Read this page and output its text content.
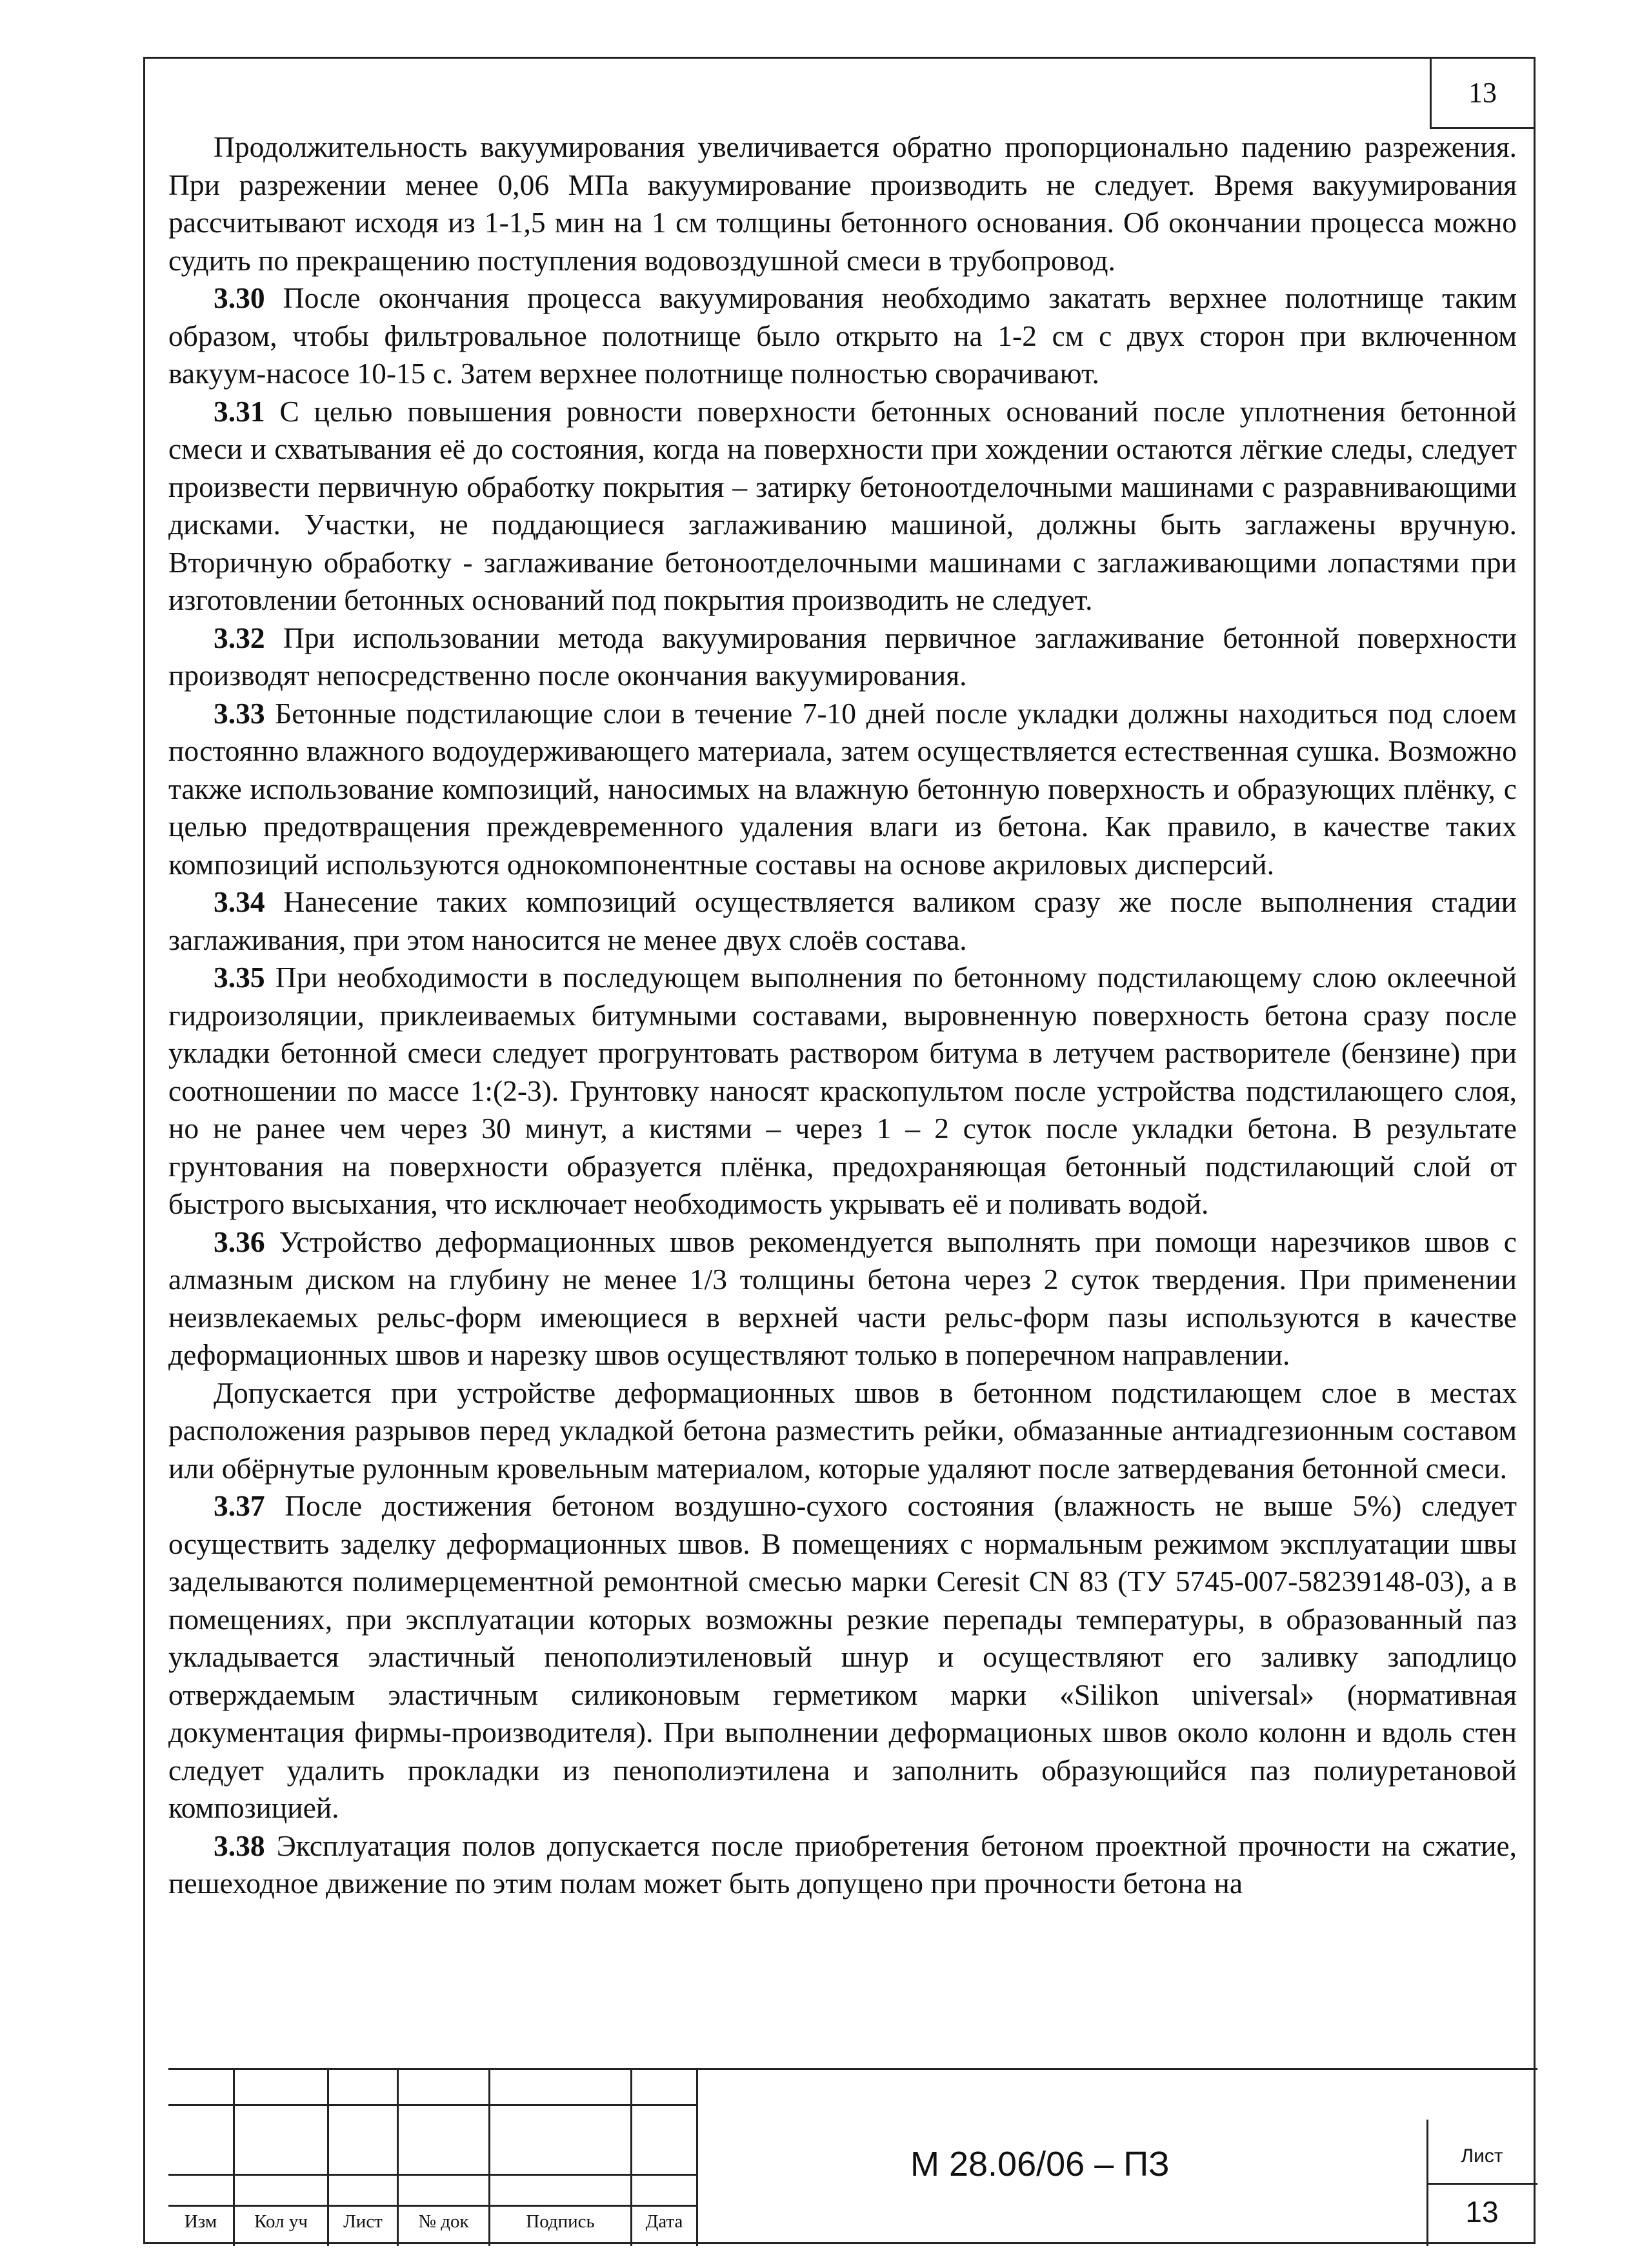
13

Продолжительность вакуумирования увеличивается обратно пропорционально падению разрежения. При разрежении менее 0,06 МПа вакуумирование производить не следует. Время вакуумирования рассчитывают исходя из 1-1,5 мин на 1 см толщины бетонного основания. Об окончании процесса можно судить по прекращению поступления водовоздушной смеси в трубопровод.

3.30 После окончания процесса вакуумирования необходимо закатать верхнее полотнище таким образом, чтобы фильтровальное полотнище было открыто на 1-2 см с двух сторон при включенном вакуум-насосе 10-15 с. Затем верхнее полотнище полностью сворачивают.

3.31 С целью повышения ровности поверхности бетонных оснований после уплотнения бетонной смеси и схватывания её до состояния, когда на поверхности при хождении остаются лёгкие следы, следует произвести первичную обработку покрытия – затирку бетоноотделочными машинами с разравнивающими дисками. Участки, не поддающиеся заглаживанию машиной, должны быть заглажены вручную. Вторичную обработку - заглаживание бетоноотделочными машинами с заглаживающими лопастями при изготовлении бетонных оснований под покрытия производить не следует.

3.32 При использовании метода вакуумирования первичное заглаживание бетонной поверхности производят непосредственно после окончания вакуумирования.

3.33 Бетонные подстилающие слои в течение 7-10 дней после укладки должны находиться под слоем постоянно влажного водоудерживающего материала, затем осуществляется естественная сушка. Возможно также использование композиций, наносимых на влажную бетонную поверхность и образующих плёнку, с целью предотвращения преждевременного удаления влаги из бетона. Как правило, в качестве таких композиций используются однокомпонентные составы на основе акриловых дисперсий.

3.34 Нанесение таких композиций осуществляется валиком сразу же после выполнения стадии заглаживания, при этом наносится не менее двух слоёв состава.

3.35 При необходимости в последующем выполнения по бетонному подстилающему слою оклеечной гидроизоляции, приклеиваемых битумными составами, выровненную поверхность бетона сразу после укладки бетонной смеси следует прогрунтовать раствором битума в летучем растворителе (бензине) при соотношении по массе 1:(2-3). Грунтовку наносят краскопультом после устройства подстилающего слоя, но не ранее чем через 30 минут, а кистями – через 1 – 2 суток после укладки бетона. В результате грунтования на поверхности образуется плёнка, предохраняющая бетонный подстилающий слой от быстрого высыхания, что исключает необходимость укрывать её и поливать водой.

3.36 Устройство деформационных швов рекомендуется выполнять при помощи нарезчиков швов с алмазным диском на глубину не менее 1/3 толщины бетона через 2 суток твердения. При применении неизвлекаемых рельс-форм имеющиеся в верхней части рельс-форм пазы используются в качестве деформационных швов и нарезку швов осуществляют только в поперечном направлении.

Допускается при устройстве деформационных швов в бетонном подстилающем слое в местах расположения разрывов перед укладкой бетона разместить рейки, обмазанные антиадгезионным составом или обёрнутые рулонным кровельным материалом, которые удаляют после затвердевания бетонной смеси.

3.37 После достижения бетоном воздушно-сухого состояния (влажность не выше 5%) следует осуществить заделку деформационных швов. В помещениях с нормальным режимом эксплуатации швы заделываются полимерцементной ремонтной смесью марки Ceresit CN 83 (ТУ 5745-007-58239148-03), а в помещениях, при эксплуатации которых возможны резкие перепады температуры, в образованный паз укладывается эластичный пенополиэтиленовый шнур и осуществляют его заливку заподлицо отверждаемым эластичным силиконовым герметиком марки «Silikon universal» (нормативная документация фирмы-производителя). При выполнении деформационых швов около колонн и вдоль стен следует удалить прокладки из пенополиэтилена и заполнить образующийся паз полиуретановой композицией.

3.38 Эксплуатация полов допускается после приобретения бетоном проектной прочности на сжатие, пешеходное движение по этим полам может быть допущено при прочности бетона на

М 28.06/06 – ПЗ	Лист
13
Изм	Кол уч	Лист	№ док	Подпись	Дата
